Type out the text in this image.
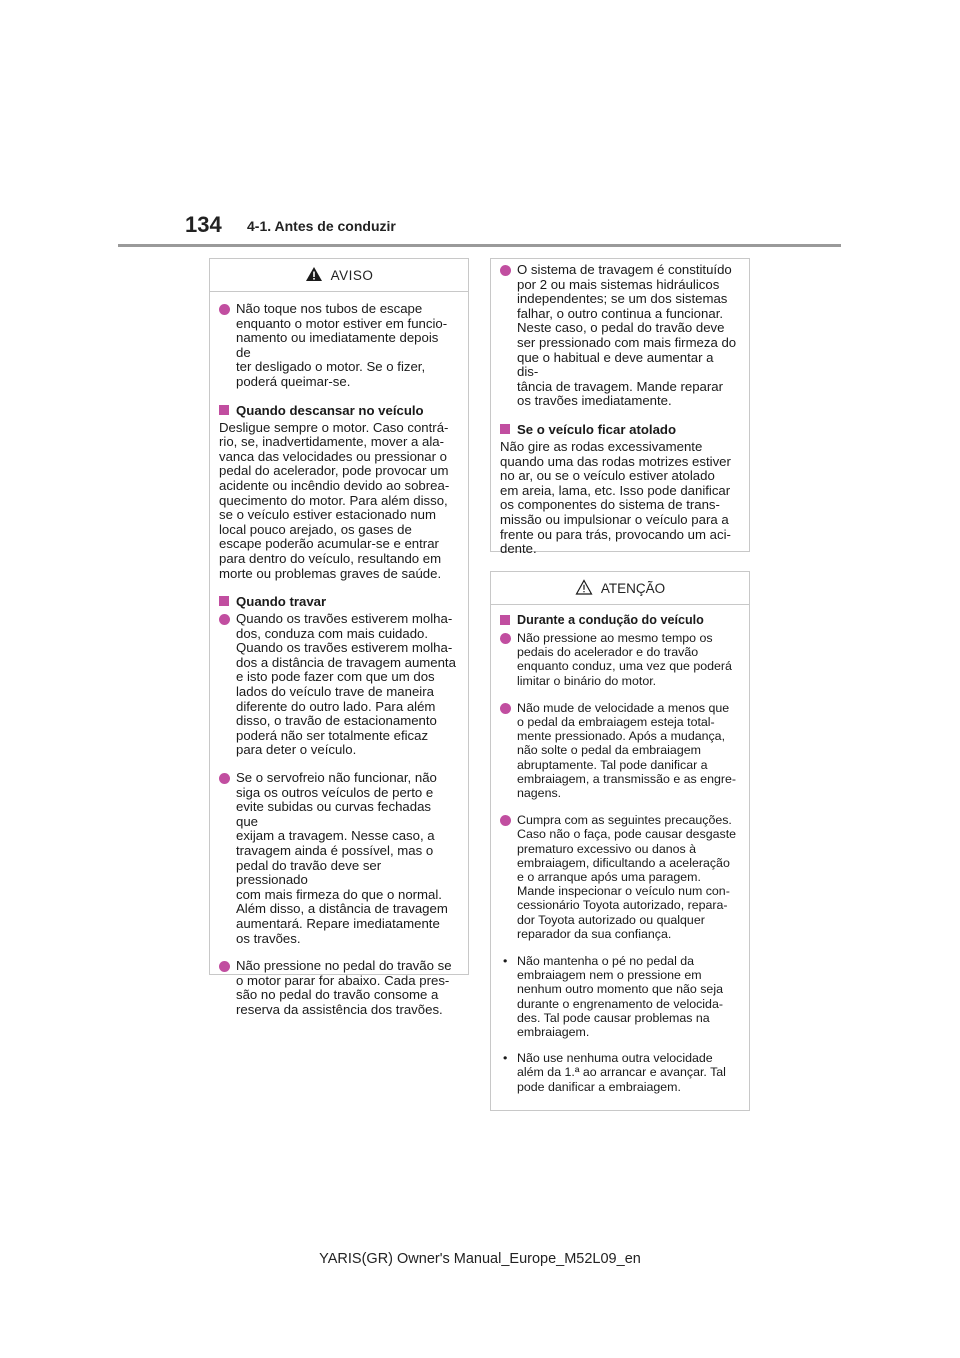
134 4-1. Antes de conduzir
AVISO
Não toque nos tubos de escape
enquanto o motor estiver em funcio-
namento ou imediatamente depois de
ter desligado o motor. Se o fizer,
poderá queimar-se.
Quando descansar no veículo
Desligue sempre o motor. Caso contrá-
rio, se, inadvertidamente, mover a ala-
vanca das velocidades ou pressionar o
pedal do acelerador, pode provocar um
acidente ou incêndio devido ao sobrea-
quecimento do motor. Para além disso,
se o veículo estiver estacionado num
local pouco arejado, os gases de
escape poderão acumular-se e entrar
para dentro do veículo, resultando em
morte ou problemas graves de saúde.
Quando travar
Quando os travões estiverem molha-
dos, conduza com mais cuidado.
Quando os travões estiverem molha-
dos a distância de travagem aumenta
e isto pode fazer com que um dos
lados do veículo trave de maneira
diferente do outro lado. Para além
disso, o travão de estacionamento
poderá não ser totalmente eficaz
para deter o veículo.
Se o servofreio não funcionar, não
siga os outros veículos de perto e
evite subidas ou curvas fechadas que
exijam a travagem. Nesse caso, a
travagem ainda é possível, mas o
pedal do travão deve ser pressionado
com mais firmeza do que o normal.
Além disso, a distância de travagem
aumentará. Repare imediatamente
os travões.
Não pressione no pedal do travão se
o motor parar for abaixo. Cada pres-
são no pedal do travão consome a
reserva da assistência dos travões.
O sistema de travagem é constituído
por 2 ou mais sistemas hidráulicos
independentes; se um dos sistemas
falhar, o outro continua a funcionar.
Neste caso, o pedal do travão deve
ser pressionado com mais firmeza do
que o habitual e deve aumentar a dis-
tância de travagem. Mande reparar
os travões imediatamente.
Se o veículo ficar atolado
Não gire as rodas excessivamente
quando uma das rodas motrizes estiver
no ar, ou se o veículo estiver atolado
em areia, lama, etc. Isso pode danificar
os componentes do sistema de trans-
missão ou impulsionar o veículo para a
frente ou para trás, provocando um aci-
dente.
ATENÇÃO
Durante a condução do veículo
Não pressione ao mesmo tempo os
pedais do acelerador e do travão
enquanto conduz, uma vez que poderá
limitar o binário do motor.
Não mude de velocidade a menos que
o pedal da embraiagem esteja total-
mente pressionado. Após a mudança,
não solte o pedal da embraiagem
abruptamente. Tal pode danificar a
embraiagem, a transmissão e as engre-
nagens.
Cumpra com as seguintes precauções.
Caso não o faça, pode causar desgaste
prematuro excessivo ou danos à
embraiagem, dificultando a aceleração
e o arranque após uma paragem.
Mande inspecionar o veículo num con-
cessionário Toyota autorizado, repara-
dor Toyota autorizado ou qualquer
reparador da sua confiança.
• Não mantenha o pé no pedal da
embraiagem nem o pressione em
nenhum outro momento que não seja
durante o engrenamento de velocida-
des. Tal pode causar problemas na
embraiagem.
• Não use nenhuma outra velocidade
além da 1.ª ao arrancar e avançar. Tal
pode danificar a embraiagem.
YARIS(GR) Owner's Manual_Europe_M52L09_en
